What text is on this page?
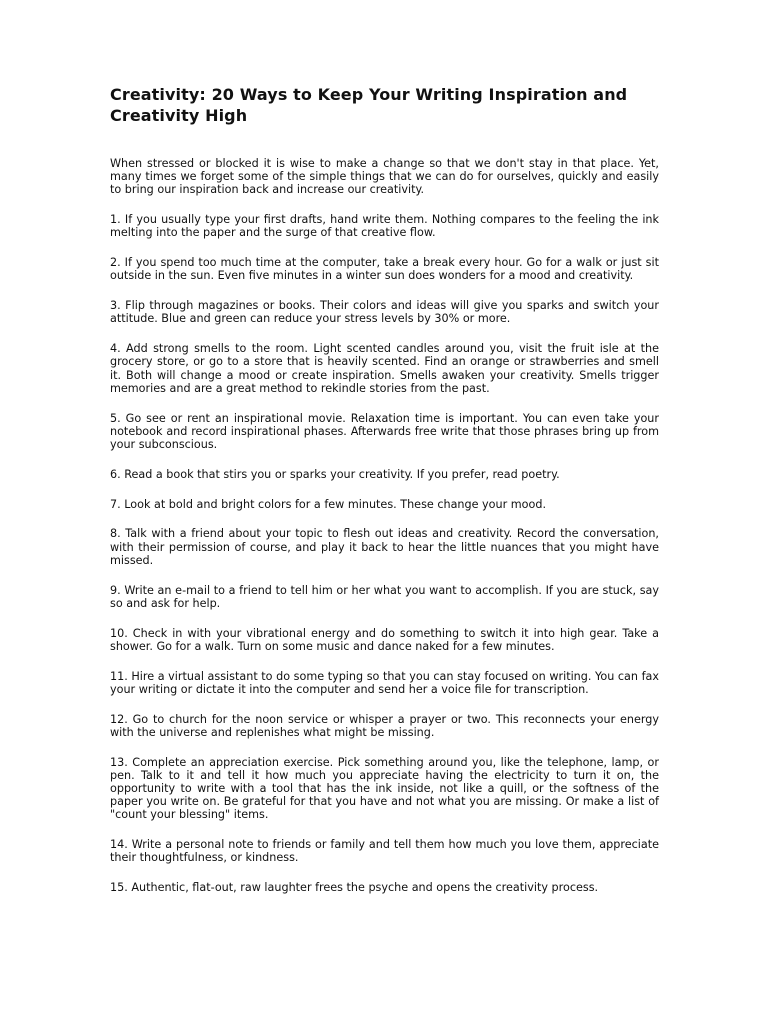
Creativity: 20 Ways to Keep Your Writing Inspiration and Creativity High

When stressed or blocked it is wise to make a change so that we don't stay in that place. Yet, many times we forget some of the simple things that we can do for ourselves, quickly and easily to bring our inspiration back and increase our creativity.

1. If you usually type your first drafts, hand write them. Nothing compares to the feeling the ink melting into the paper and the surge of that creative flow.

2. If you spend too much time at the computer, take a break every hour. Go for a walk or just sit outside in the sun. Even five minutes in a winter sun does wonders for a mood and creativity.

3. Flip through magazines or books. Their colors and ideas will give you sparks and switch your attitude. Blue and green can reduce your stress levels by 30% or more.

4. Add strong smells to the room. Light scented candles around you, visit the fruit isle at the grocery store, or go to a store that is heavily scented. Find an orange or strawberries and smell it. Both will change a mood or create inspiration. Smells awaken your creativity. Smells trigger memories and are a great method to rekindle stories from the past.

5. Go see or rent an inspirational movie. Relaxation time is important. You can even take your notebook and record inspirational phases. Afterwards free write that those phrases bring up from your subconscious.

6. Read a book that stirs you or sparks your creativity. If you prefer, read poetry.

7. Look at bold and bright colors for a few minutes. These change your mood.

8. Talk with a friend about your topic to flesh out ideas and creativity. Record the conversation, with their permission of course, and play it back to hear the little nuances that you might have missed.

9. Write an e-mail to a friend to tell him or her what you want to accomplish. If you are stuck, say so and ask for help.

10. Check in with your vibrational energy and do something to switch it into high gear. Take a shower. Go for a walk. Turn on some music and dance naked for a few minutes.

11. Hire a virtual assistant to do some typing so that you can stay focused on writing. You can fax your writing or dictate it into the computer and send her a voice file for transcription.

12. Go to church for the noon service or whisper a prayer or two. This reconnects your energy with the universe and replenishes what might be missing.

13. Complete an appreciation exercise. Pick something around you, like the telephone, lamp, or pen. Talk to it and tell it how much you appreciate having the electricity to turn it on, the opportunity to write with a tool that has the ink inside, not like a quill, or the softness of the paper you write on. Be grateful for that you have and not what you are missing. Or make a list of "count your blessing" items.

14. Write a personal note to friends or family and tell them how much you love them, appreciate their thoughtfulness, or kindness.

15. Authentic, flat-out, raw laughter frees the psyche and opens the creativity process.
